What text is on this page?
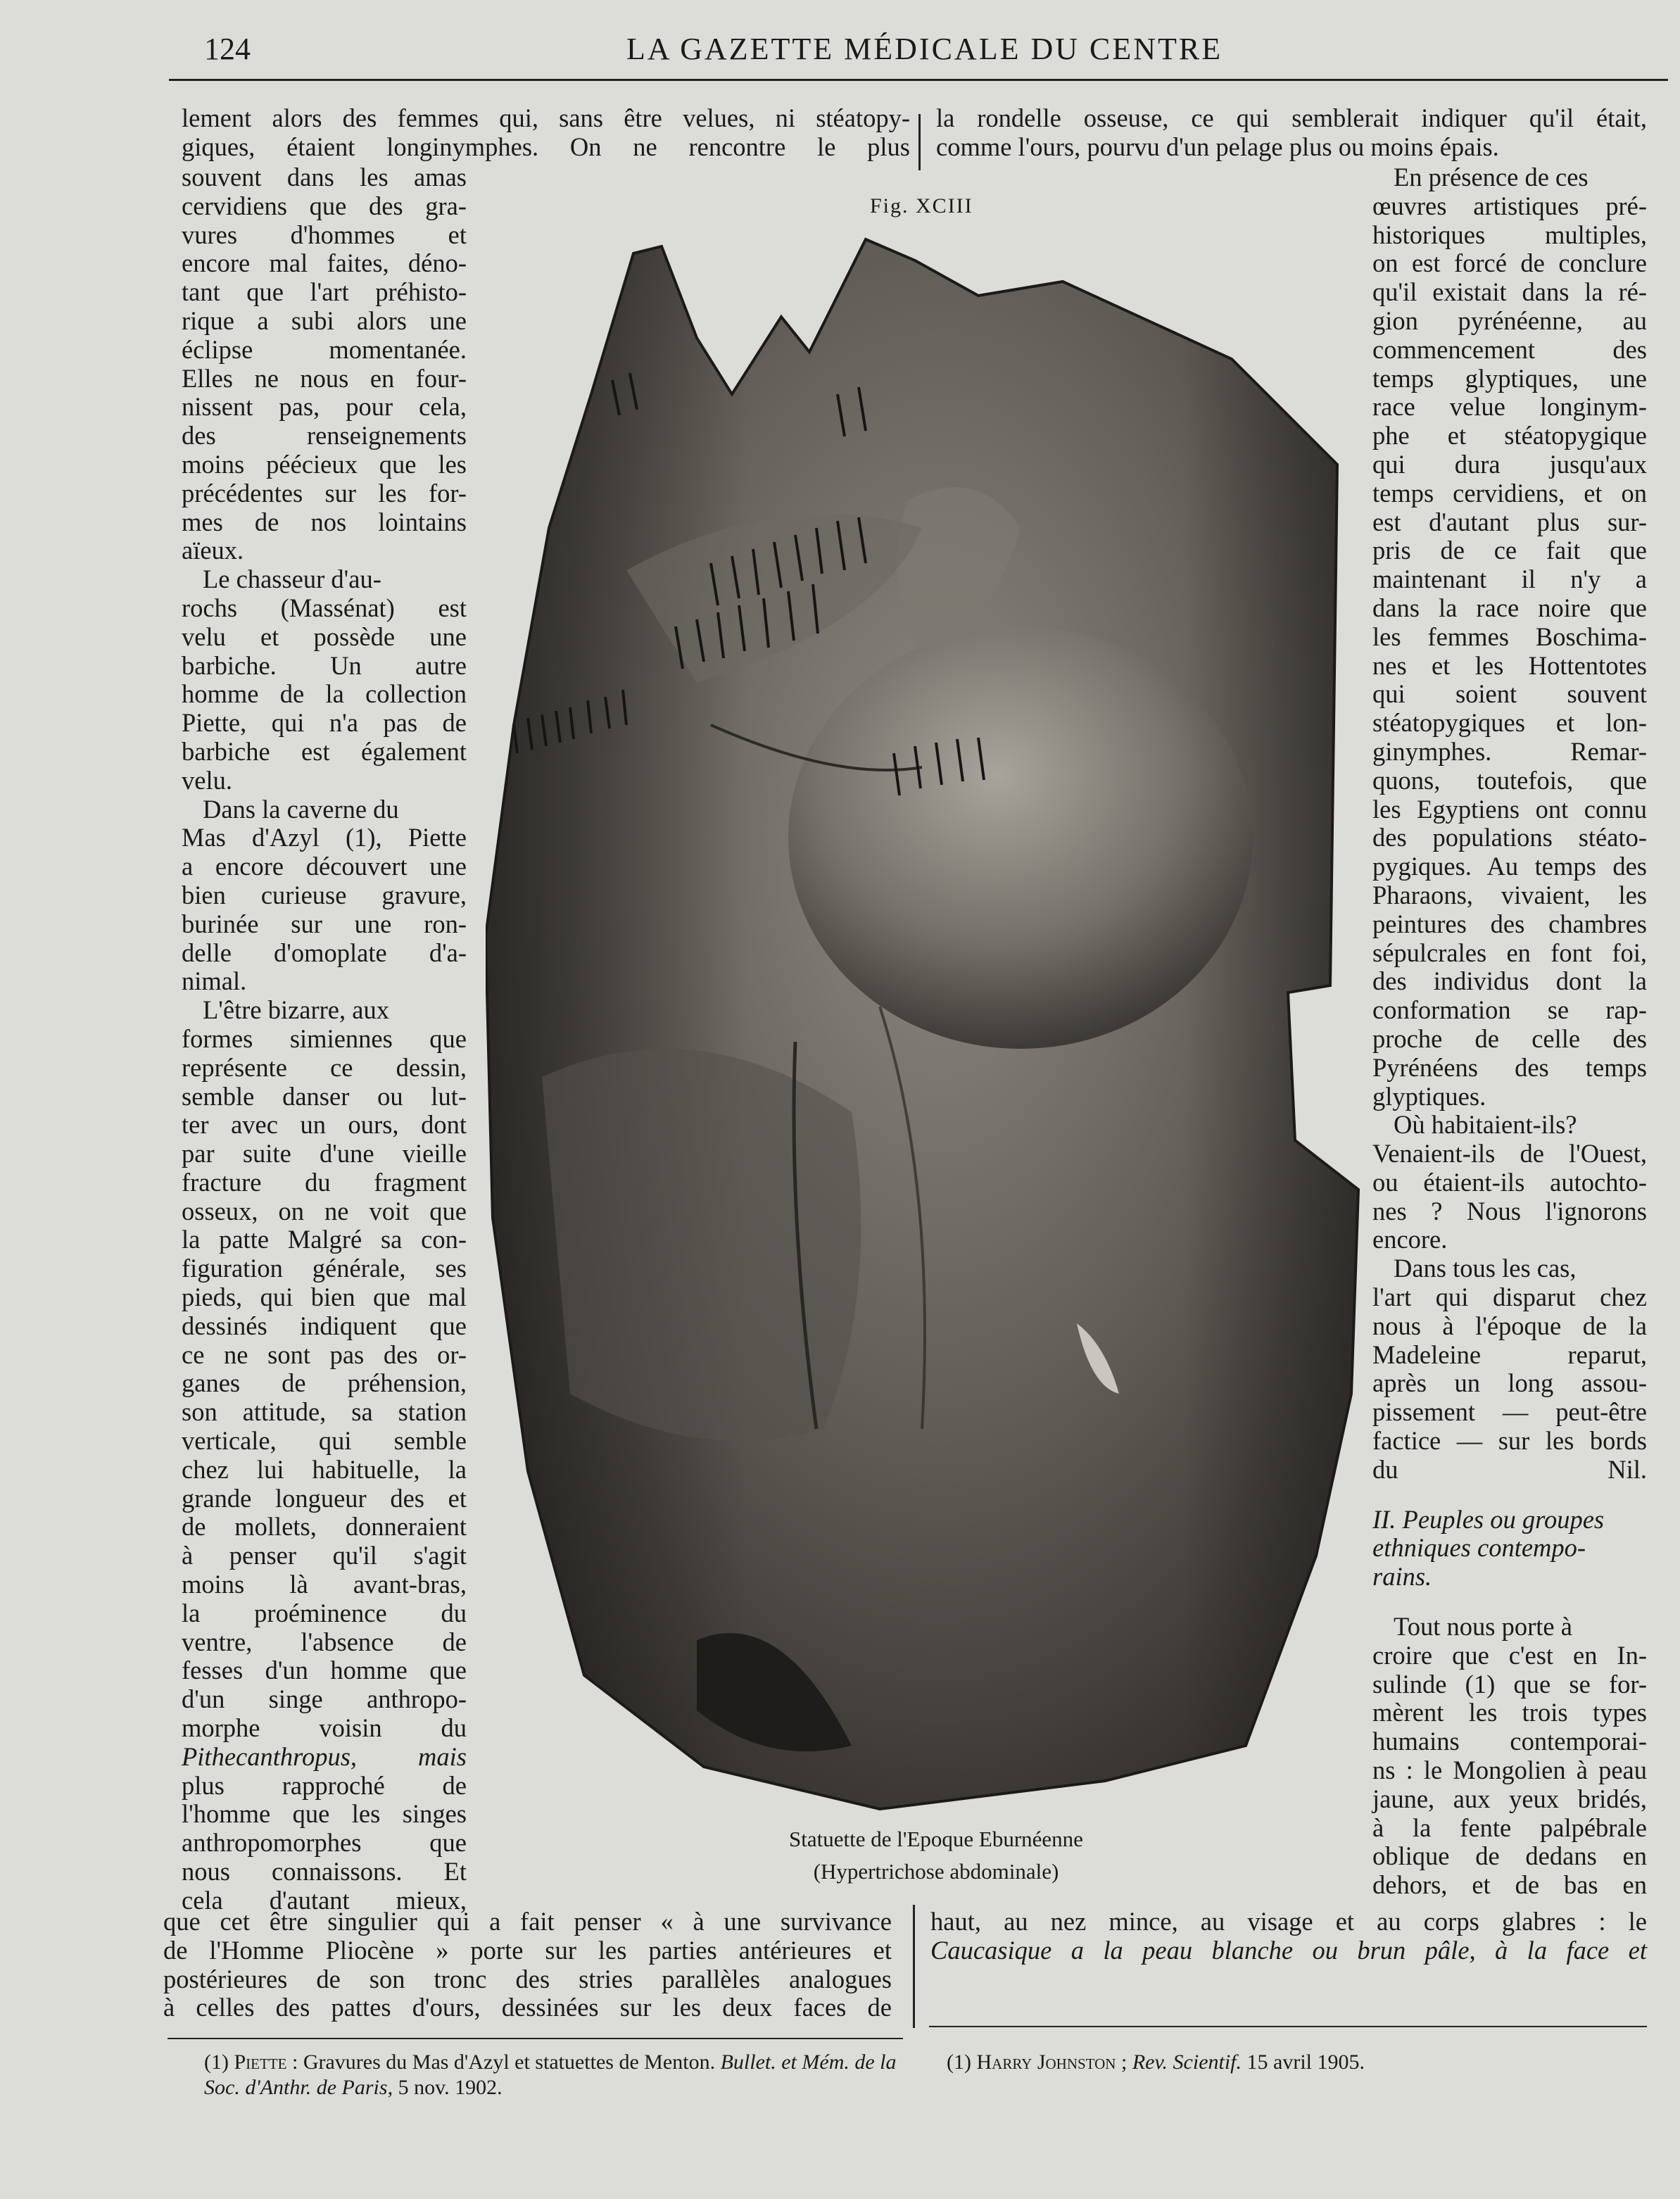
124	LA GAZETTE MÉDICALE DU CENTRE
lement alors des femmes qui, sans être velues, ni stéatopy-
giques, étaient longinymphes. On ne rencontre le plus
la rondelle osseuse, ce qui semblerait indiquer qu'il était,
comme l'ours, pourvu d'un pelage plus ou moins épais.
souvent dans les amas
cervidiens que des gra-
vures d'hommes et
encore mal faites, déno-
tant que l'art préhisto-
rique a subi alors une
éclipse momentanée.
Elles ne nous en four-
nissent pas, pour cela,
des renseignements
moins péécieux que les
précédentes sur les for-
mes de nos lointains
aïeux.
Le chasseur d'au-
rochs (Massénat) est
velu et possède une
barbiche. Un autre
homme de la collection
Piette, qui n'a pas de
barbiche est également
velu.
Dans la caverne du
Mas d'Azyl (1), Piette
a encore découvert une
bien curieuse gravure,
burinée sur une ron-
delle d'omoplate d'a-
nimal.
L'être bizarre, aux
formes simiennes que
représente ce dessin,
semble danser ou lut-
ter avec un ours, dont
par suite d'une vieille
fracture du fragment
osseux, on ne voit que
la patte Malgré sa con-
figuration générale, ses
pieds, qui bien que mal
dessinés indiquent que
ce ne sont pas des or-
ganes de préhension,
son attitude, sa station
verticale, qui semble
chez lui habituelle, la
grande longueur des et
de mollets, donneraient
à penser qu'il s'agit
moins là avant-bras,
la proéminence du
ventre, l'absence de
fesses d'un homme que
d'un singe anthropo-
morphe voisin du
Pithecanthropus, mais
plus rapproché de
l'homme que les singes
anthropomorphes que
nous connaissons. Et
cela d'autant mieux,
Fig. XCIII
Statuette de l'Epoque Eburnéenne
(Hypertrichose abdominale)
En présence de ces
œuvres artistiques pré-
historiques multiples,
on est forcé de conclure
qu'il existait dans la ré-
gion pyrénéenne, au
commencement des
temps glyptiques, une
race velue longinym-
phe et stéatopygique
qui dura jusqu'aux
temps cervidiens, et on
est d'autant plus sur-
pris de ce fait que
maintenant il n'y a
dans la race noire que
les femmes Boschima-
nes et les Hottentotes
qui soient souvent
stéatopygiques et lon-
ginymphes. Remar-
quons, toutefois, que
les Egyptiens ont connu
des populations stéato-
pygiques. Au temps des
Pharaons, vivaient, les
peintures des chambres
sépulcrales en font foi,
des individus dont la
conformation se rap-
proche de celle des
Pyrénéens des temps
glyptiques.
Où habitaient-ils?
Venaient-ils de l'Ouest,
ou étaient-ils autochto-
nes ? Nous l'ignorons
encore.
Dans tous les cas,
l'art qui disparut chez
nous à l'époque de la
Madeleine reparut,
après un long assou-
pissement — peut-être
factice — sur les bords
du Nil.
II. Peuples ou groupes
ethniques contempo-
rains.
Tout nous porte à
croire que c'est en In-
sulinde (1) que se for-
mèrent les trois types
humains contemporai-
ns : le Mongolien à peau
jaune, aux yeux bridés,
à la fente palpébrale
oblique de dedans en
dehors, et de bas en
que cet être singulier qui a fait penser « à une survivance
de l'Homme Pliocène » porte sur les parties antérieures et
postérieures de son tronc des stries parallèles analogues
à celles des pattes d'ours, dessinées sur les deux faces de
haut, au nez mince, au visage et au corps glabres : le
Caucasique a la peau blanche ou brun pâle, à la face et
(1) Piette : Gravures du Mas d'Azyl et statuettes de Menton. Bullet. et Mém. de la Soc. d'Anthr. de Paris, 5 nov. 1902.
(1) Harry Johnston ; Rev. Scientif. 15 avril 1905.
